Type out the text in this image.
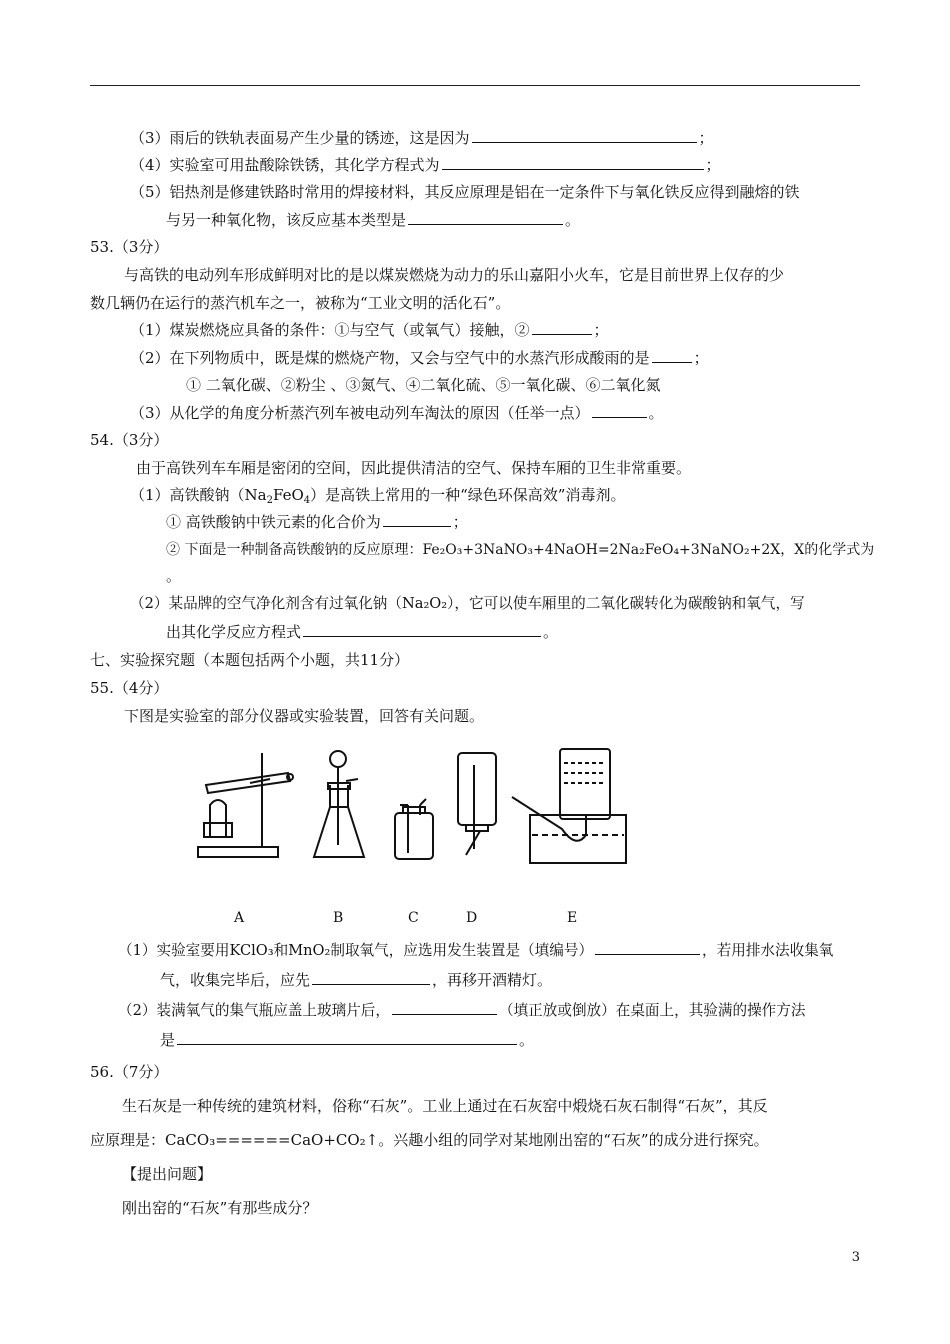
（3）雨后的铁轨表面易产生少量的锈迹，这是因为	；
（4）实验室可用盐酸除铁锈，其化学方程式为	；
（5）铝热剂是修建铁路时常用的焊接材料，其反应原理是铝在一定条件下与氧化铁反应得到融熔的铁
与另一种氧化物，该反应基本类型是	。
53.（3分）
与高铁的电动列车形成鲜明对比的是以煤炭燃烧为动力的乐山嘉阳小火车，它是目前世界上仅存的少
数几辆仍在运行的蒸汽机车之一，被称为“工业文明的活化石”。
（1）煤炭燃烧应具备的条件：①与空气（或氧气）接触，②	；
（2）在下列物质中，既是煤的燃烧产物，又会与空气中的水蒸汽形成酸雨的是	；
① 二氧化碳、②粉尘 、③氮气、④二氧化硫、⑤一氧化碳、⑥二氧化氮
（3）从化学的角度分析蒸汽列车被电动列车淘汰的原因（任举一点）	。
54.（3分）
由于高铁列车车厢是密闭的空间，因此提供清洁的空气、保持车厢的卫生非常重要。
（1）高铁酸钠$(Na_2FeO_4)$是高铁上常用的一种“绿色环保高效”消毒剂。
① 高铁酸钠中铁元素的化合价为	；
② 下面是一种制备高铁酸钠的反应原理：Fe₂O₃+3NaNO₃+4NaOH=2Na₂FeO₄+3NaNO₂+2X，X的化学式为
。
（2）某品牌的空气净化剂含有过氧化钠（Na₂O₂），它可以使车厢里的二氧化碳转化为碳酸钠和氧气，写
出其化学反应方程式	。
七、实验探究题（本题包括两个小题，共11分）
55.（4分）
下图是实验室的部分仪器或实验装置，回答有关问题。
A	B	C	D	E
（1）实验室要用KClO₃和MnO₂制取氧气，应选用发生装置是（填编号）	，若用排水法收集氧
气，收集完毕后，应先	，再移开酒精灯。
（2）装满氧气的集气瓶应盖上玻璃片后，	（填正放或倒放）在桌面上，其验满的操作方法
是	。
56.（7分）
生石灰是一种传统的建筑材料，俗称“石灰”。工业上通过在石灰窑中煅烧石灰石制得“石灰”，其反
应原理是：CaCO₃======CaO+CO₂↑。兴趣小组的同学对某地刚出窑的“石灰”的成分进行探究。
【提出问题】
刚出窑的“石灰”有那些成分？
3
